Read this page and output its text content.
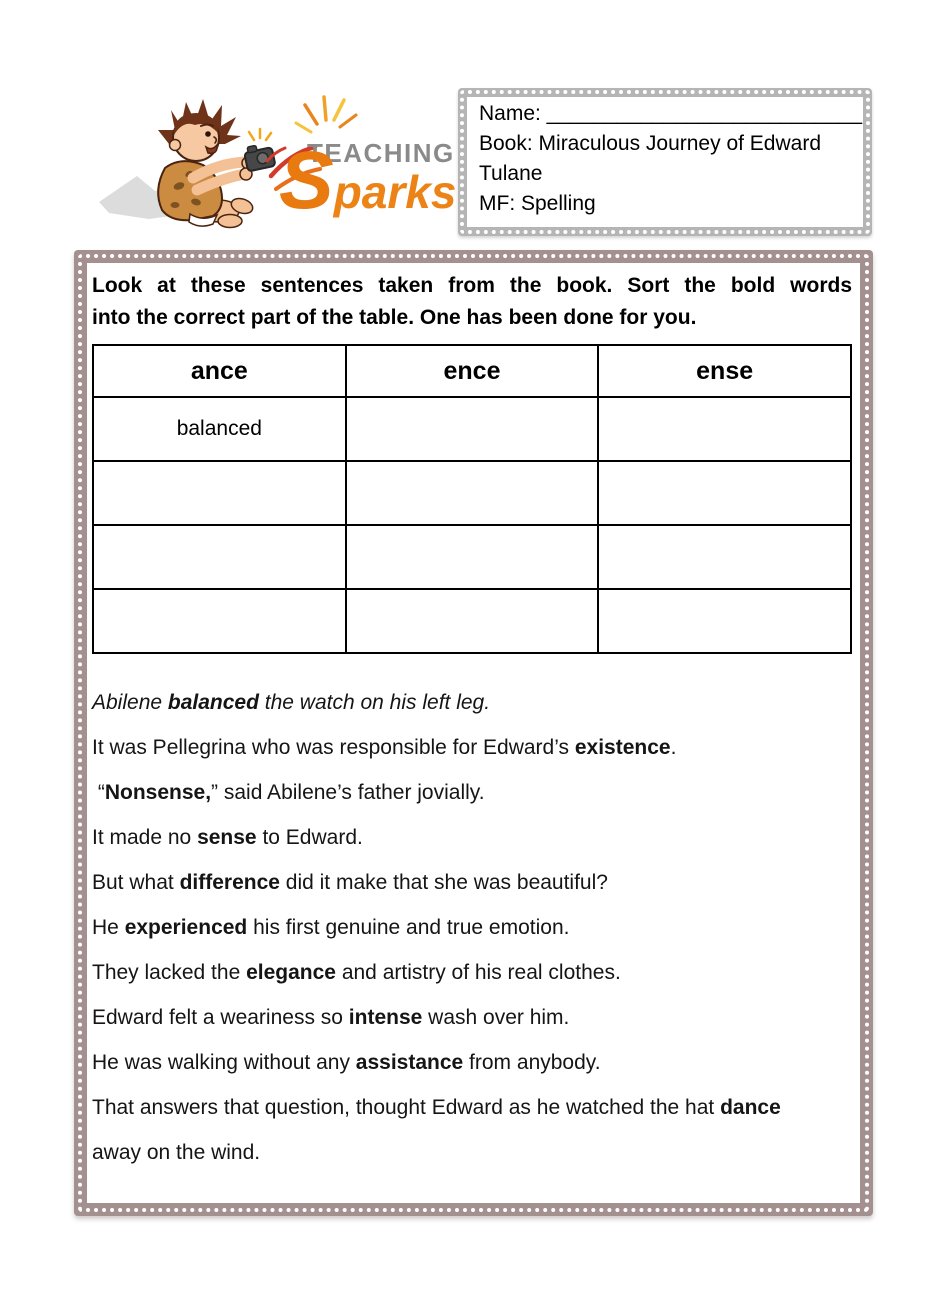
TEACHING
Sparks
Name: ___________________________
Book: Miraculous Journey of Edward
Tulane
MF: Spelling
Look at these sentences taken from the book. Sort the bold words
into the correct part of the table. One has been done for you.
ance	ence	ense
balanced		

Abilene balanced the watch on his left leg.

It was Pellegrina who was responsible for Edward’s existence.

“Nonsense,” said Abilene’s father jovially.

It made no sense to Edward.

But what difference did it make that she was beautiful?

He experienced his first genuine and true emotion.

They lacked the elegance and artistry of his real clothes.

Edward felt a weariness so intense wash over him.

He was walking without any assistance from anybody.

That answers that question, thought Edward as he watched the hat dance
away on the wind.
